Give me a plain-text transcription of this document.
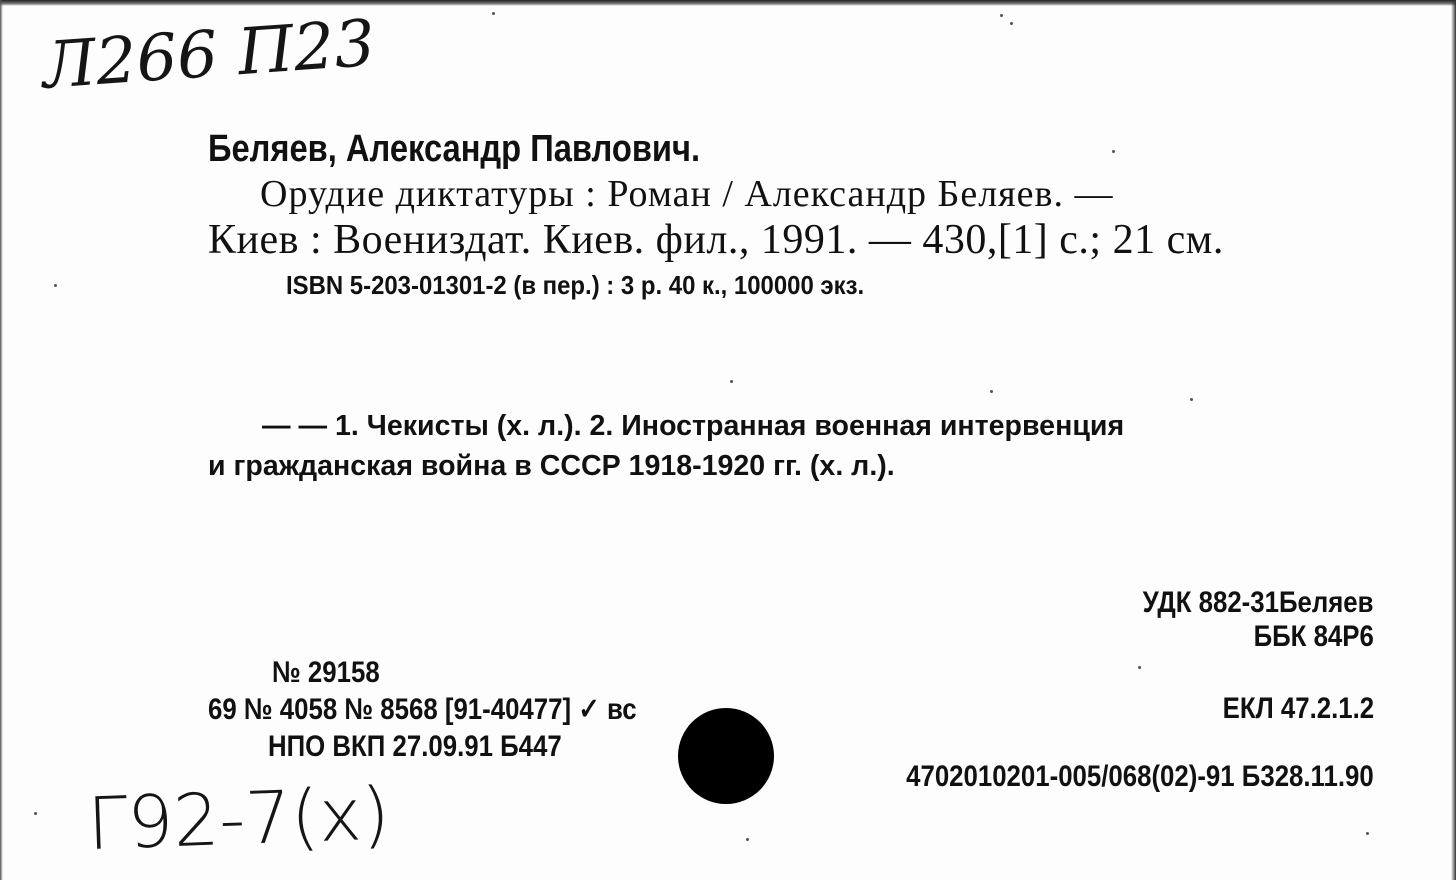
Л266 П23

Беляев, Александр Павлович.

Орудие диктатуры : Роман / Александр Беляев. —

Киев : Воениздат. Киев. фил., 1991. — 430,[1] с.; 21 см.

ISBN 5-203-01301-2 (в пер.) : 3 р. 40 к., 100000 экз.

— — 1. Чекисты (х. л.). 2. Иностранная военная интервенция

и гражданская война в СССР 1918-1920 гг. (х. л.).

УДК 882-31Беляев
ББК 84Р6
ЕКЛ 47.2.1.2
4702010201-005/068(02)-91 Б328.11.90
№ 29158
69 № 4058 № 8568 [91-40477] ✓ вс
НПО ВКП 27.09.91 Б447
Г92-7(х)
